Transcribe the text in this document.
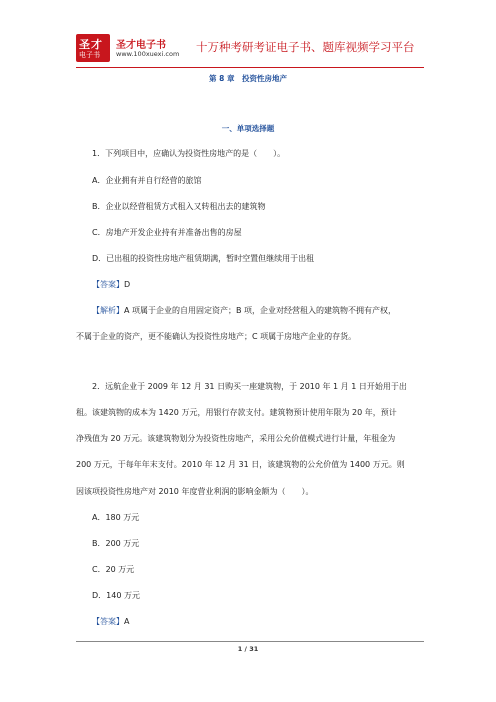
圣才
电子书
圣才电子书
www.100xuexi.com 十万种考研考证电子书、题库视频学习平台
第 8 章　投资性房地产
一、单项选择题
1．下列项目中，应确认为投资性房地产的是（　　）。
A．企业拥有并自行经营的旅馆
B．企业以经营租赁方式租入又转租出去的建筑物
C．房地产开发企业持有并准备出售的房屋
D．已出租的投资性房地产租赁期满，暂时空置但继续用于出租
【答案】D
【解析】A 项属于企业的自用固定资产；B 项，企业对经营租入的建筑物不拥有产权，
不属于企业的资产，更不能确认为投资性房地产；C 项属于房地产企业的存货。
2．远航企业于 2009 年 12 月 31 日购买一座建筑物，于 2010 年 1 月 1 日开始用于出
租。该建筑物的成本为 1420 万元，用银行存款支付。建筑物预计使用年限为 20 年，预计
净残值为 20 万元。该建筑物划分为投资性房地产，采用公允价值模式进行计量，年租金为
200 万元，于每年年末支付。2010 年 12 月 31 日，该建筑物的公允价值为 1400 万元。则
因该项投资性房地产对 2010 年度营业利润的影响金额为（　　）。
A．180 万元
B．200 万元
C．20 万元
D．140 万元
【答案】A
1 / 31
